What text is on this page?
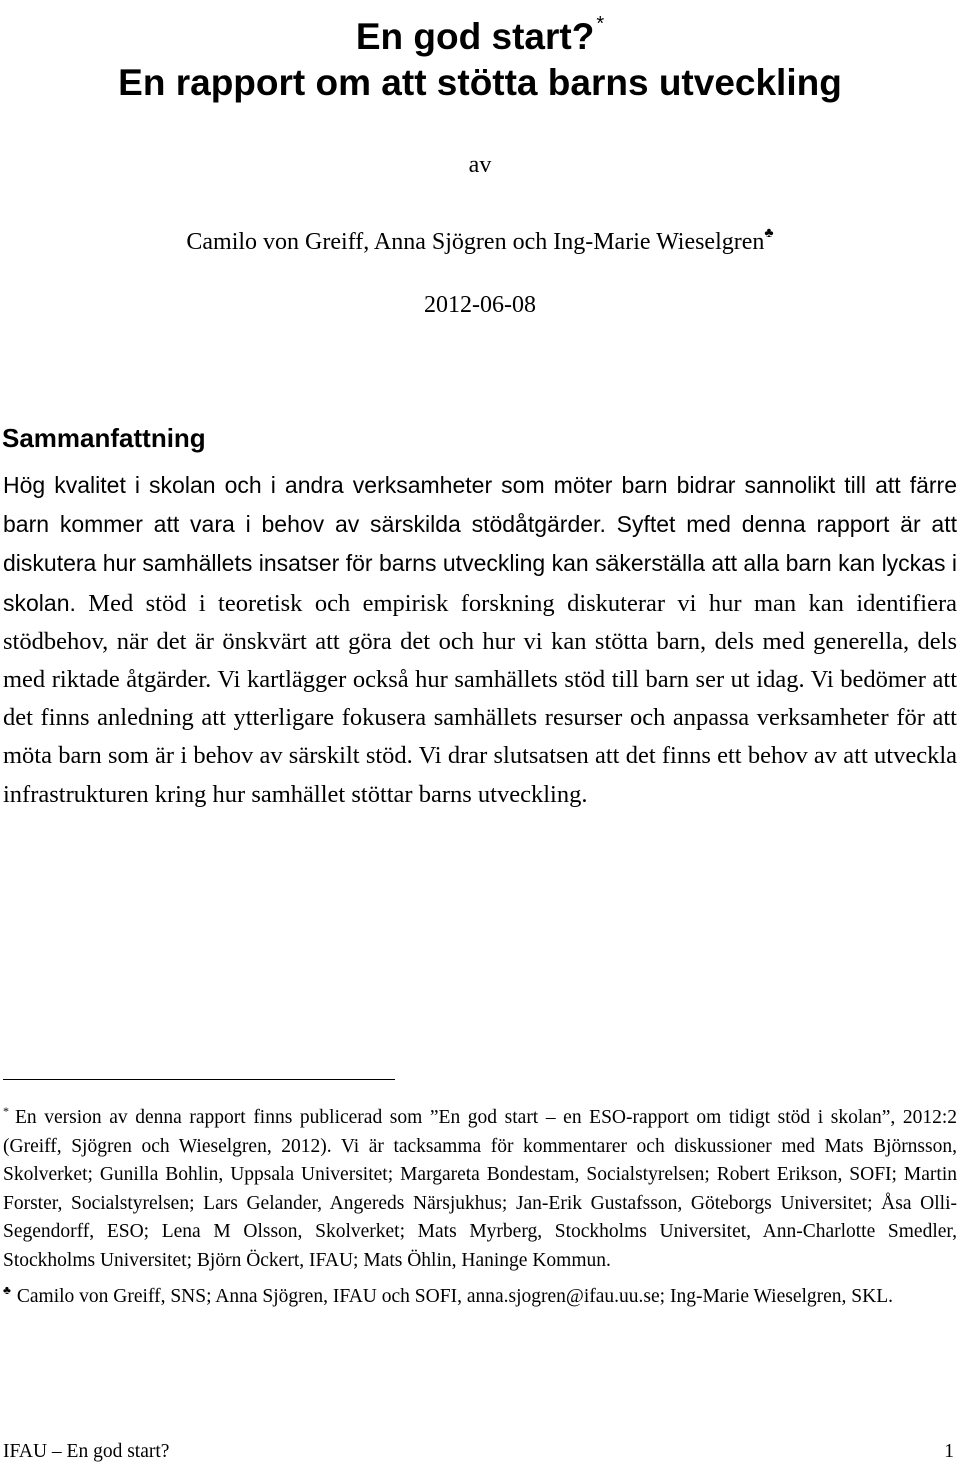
En god start? *
En rapport om att stötta barns utveckling

av

Camilo von Greiff, Anna Sjögren och Ing-Marie Wieselgren♣

2012-06-08

Sammanfattning

Hög kvalitet i skolan och i andra verksamheter som möter barn bidrar sannolikt till att färre barn kommer att vara i behov av särskilda stödåtgärder. Syftet med denna rapport är att diskutera hur samhällets insatser för barns utveckling kan säkerställa att alla barn kan lyckas i skolan. Med stöd i teoretisk och empirisk forskning diskuterar vi hur man kan identifiera stödbehov, när det är önskvärt att göra det och hur vi kan stötta barn, dels med generella, dels med riktade åtgärder. Vi kartlägger också hur samhällets stöd till barn ser ut idag. Vi bedömer att det finns anledning att ytterligare fokusera samhällets resurser och anpassa verksamheter för att möta barn som är i behov av särskilt stöd. Vi drar slutsatsen att det finns ett behov av att utveckla infrastrukturen kring hur samhället stöttar barns utveckling.

* En version av denna rapport finns publicerad som ”En god start – en ESO-rapport om tidigt stöd i skolan”, 2012:2 (Greiff, Sjögren och Wieselgren, 2012). Vi är tacksamma för kommentarer och diskussioner med Mats Björnsson, Skolverket; Gunilla Bohlin, Uppsala Universitet; Margareta Bondestam, Socialstyrelsen; Robert Erikson, SOFI; Martin Forster, Socialstyrelsen; Lars Gelander, Angereds Närsjukhus; Jan-Erik Gustafsson, Göteborgs Universitet; Åsa Olli-Segendorff, ESO; Lena M Olsson, Skolverket; Mats Myrberg, Stockholms Universitet, Ann-Charlotte Smedler, Stockholms Universitet; Björn Öckert, IFAU; Mats Öhlin, Haninge Kommun.

♣ Camilo von Greiff, SNS; Anna Sjögren, IFAU och SOFI, anna.sjogren@ifau.uu.se; Ing-Marie Wieselgren, SKL.

IFAU – En god start?	1
